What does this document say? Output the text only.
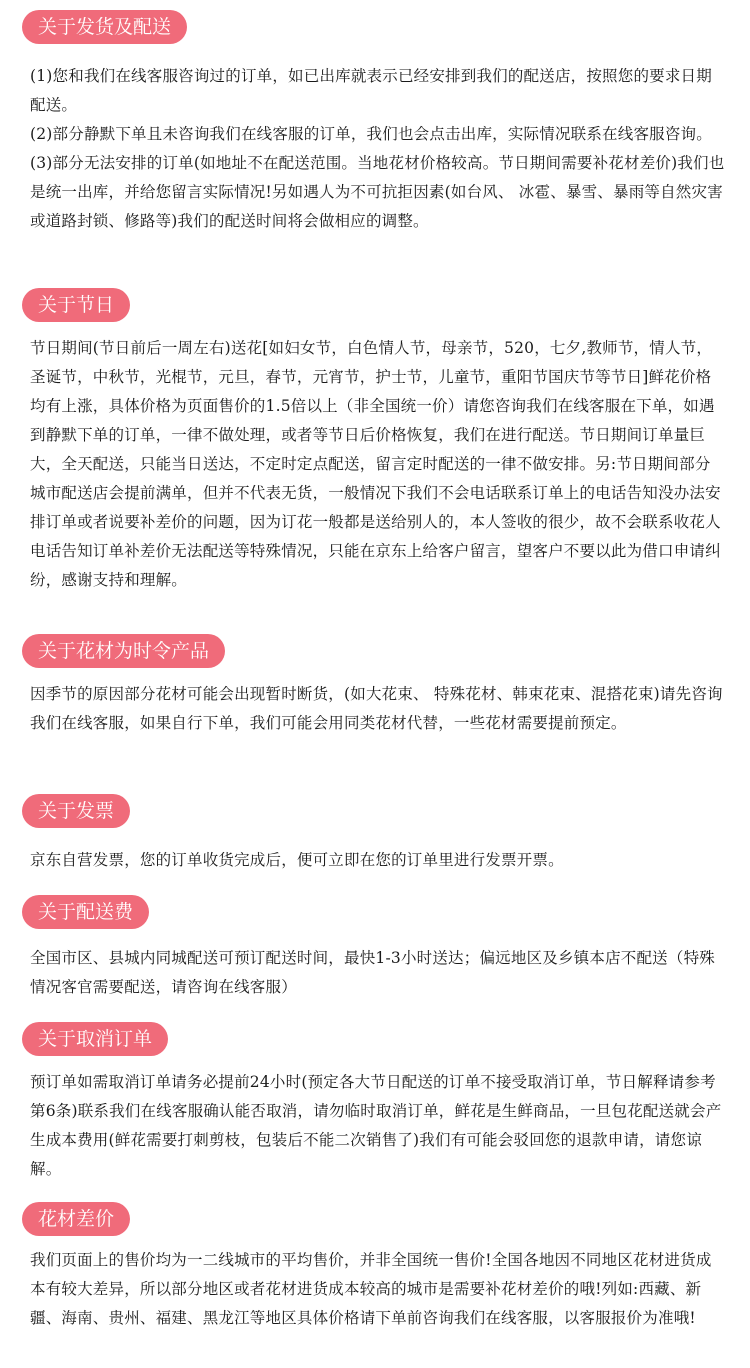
关于发货及配送

(1)您和我们在线客服咨询过的订单，如已出库就表示已经安排到我们的配送店，按照您的要求日期配送。

(2)部分静默下单且未咨询我们在线客服的订单，我们也会点击出库，实际情况联系在线客服咨询。

(3)部分无法安排的订单(如地址不在配送范围。当地花材价格较高。节日期间需要补花材差价)我们也是统一出库，并给您留言实际情况!另如遇人为不可抗拒因素(如台风、 冰雹、暴雪、暴雨等自然灾害或道路封锁、修路等)我们的配送时间将会做相应的调整。

关于节日

节日期间(节日前后一周左右)送花[如妇女节，白色情人节，母亲节，520，七夕,教师节，情人节，圣诞节，中秋节，光棍节，元旦，春节，元宵节，护士节，儿童节，重阳节国庆节等节日]鲜花价格均有上涨，具体价格为页面售价的1.5倍以上（非全国统一价）请您咨询我们在线客服在下单，如遇到静默下单的订单，一律不做处理，或者等节日后价格恢复，我们在进行配送。节日期间订单量巨大，全天配送，只能当日送达，不定时定点配送，留言定时配送的一律不做安排。另:节日期间部分城市配送店会提前满单，但并不代表无货，一般情况下我们不会电话联系订单上的电话告知没办法安排订单或者说要补差价的问题，因为订花一般都是送给别人的，本人签收的很少，故不会联系收花人电话告知订单补差价无法配送等特殊情况，只能在京东上给客户留言，望客户不要以此为借口申请纠纷，感谢支持和理解。

关于花材为时令产品

因季节的原因部分花材可能会出现暂时断货，(如大花束、 特殊花材、韩束花束、混搭花束)请先咨询我们在线客服，如果自行下单，我们可能会用同类花材代替，一些花材需要提前预定。

关于发票

京东自营发票，您的订单收货完成后，便可立即在您的订单里进行发票开票。

关于配送费

全国市区、县城内同城配送可预订配送时间，最快1-3小时送达；偏远地区及乡镇本店不配送（特殊情况客官需要配送，请咨询在线客服）

关于取消订单

预订单如需取消订单请务必提前24小时(预定各大节日配送的订单不接受取消订单，节日解释请参考第6条)联系我们在线客服确认能否取消，请勿临时取消订单，鲜花是生鲜商品，一旦包花配送就会产生成本费用(鲜花需要打刺剪枝，包装后不能二次销售了)我们有可能会驳回您的退款申请，请您谅解。

花材差价

我们页面上的售价均为一二线城市的平均售价，并非全国统一售价!全国各地因不同地区花材进货成本有较大差异，所以部分地区或者花材进货成本较高的城市是需要补花材差价的哦!列如:西藏、新疆、海南、贵州、福建、黑龙江等地区具体价格请下单前咨询我们在线客服，以客服报价为准哦!
